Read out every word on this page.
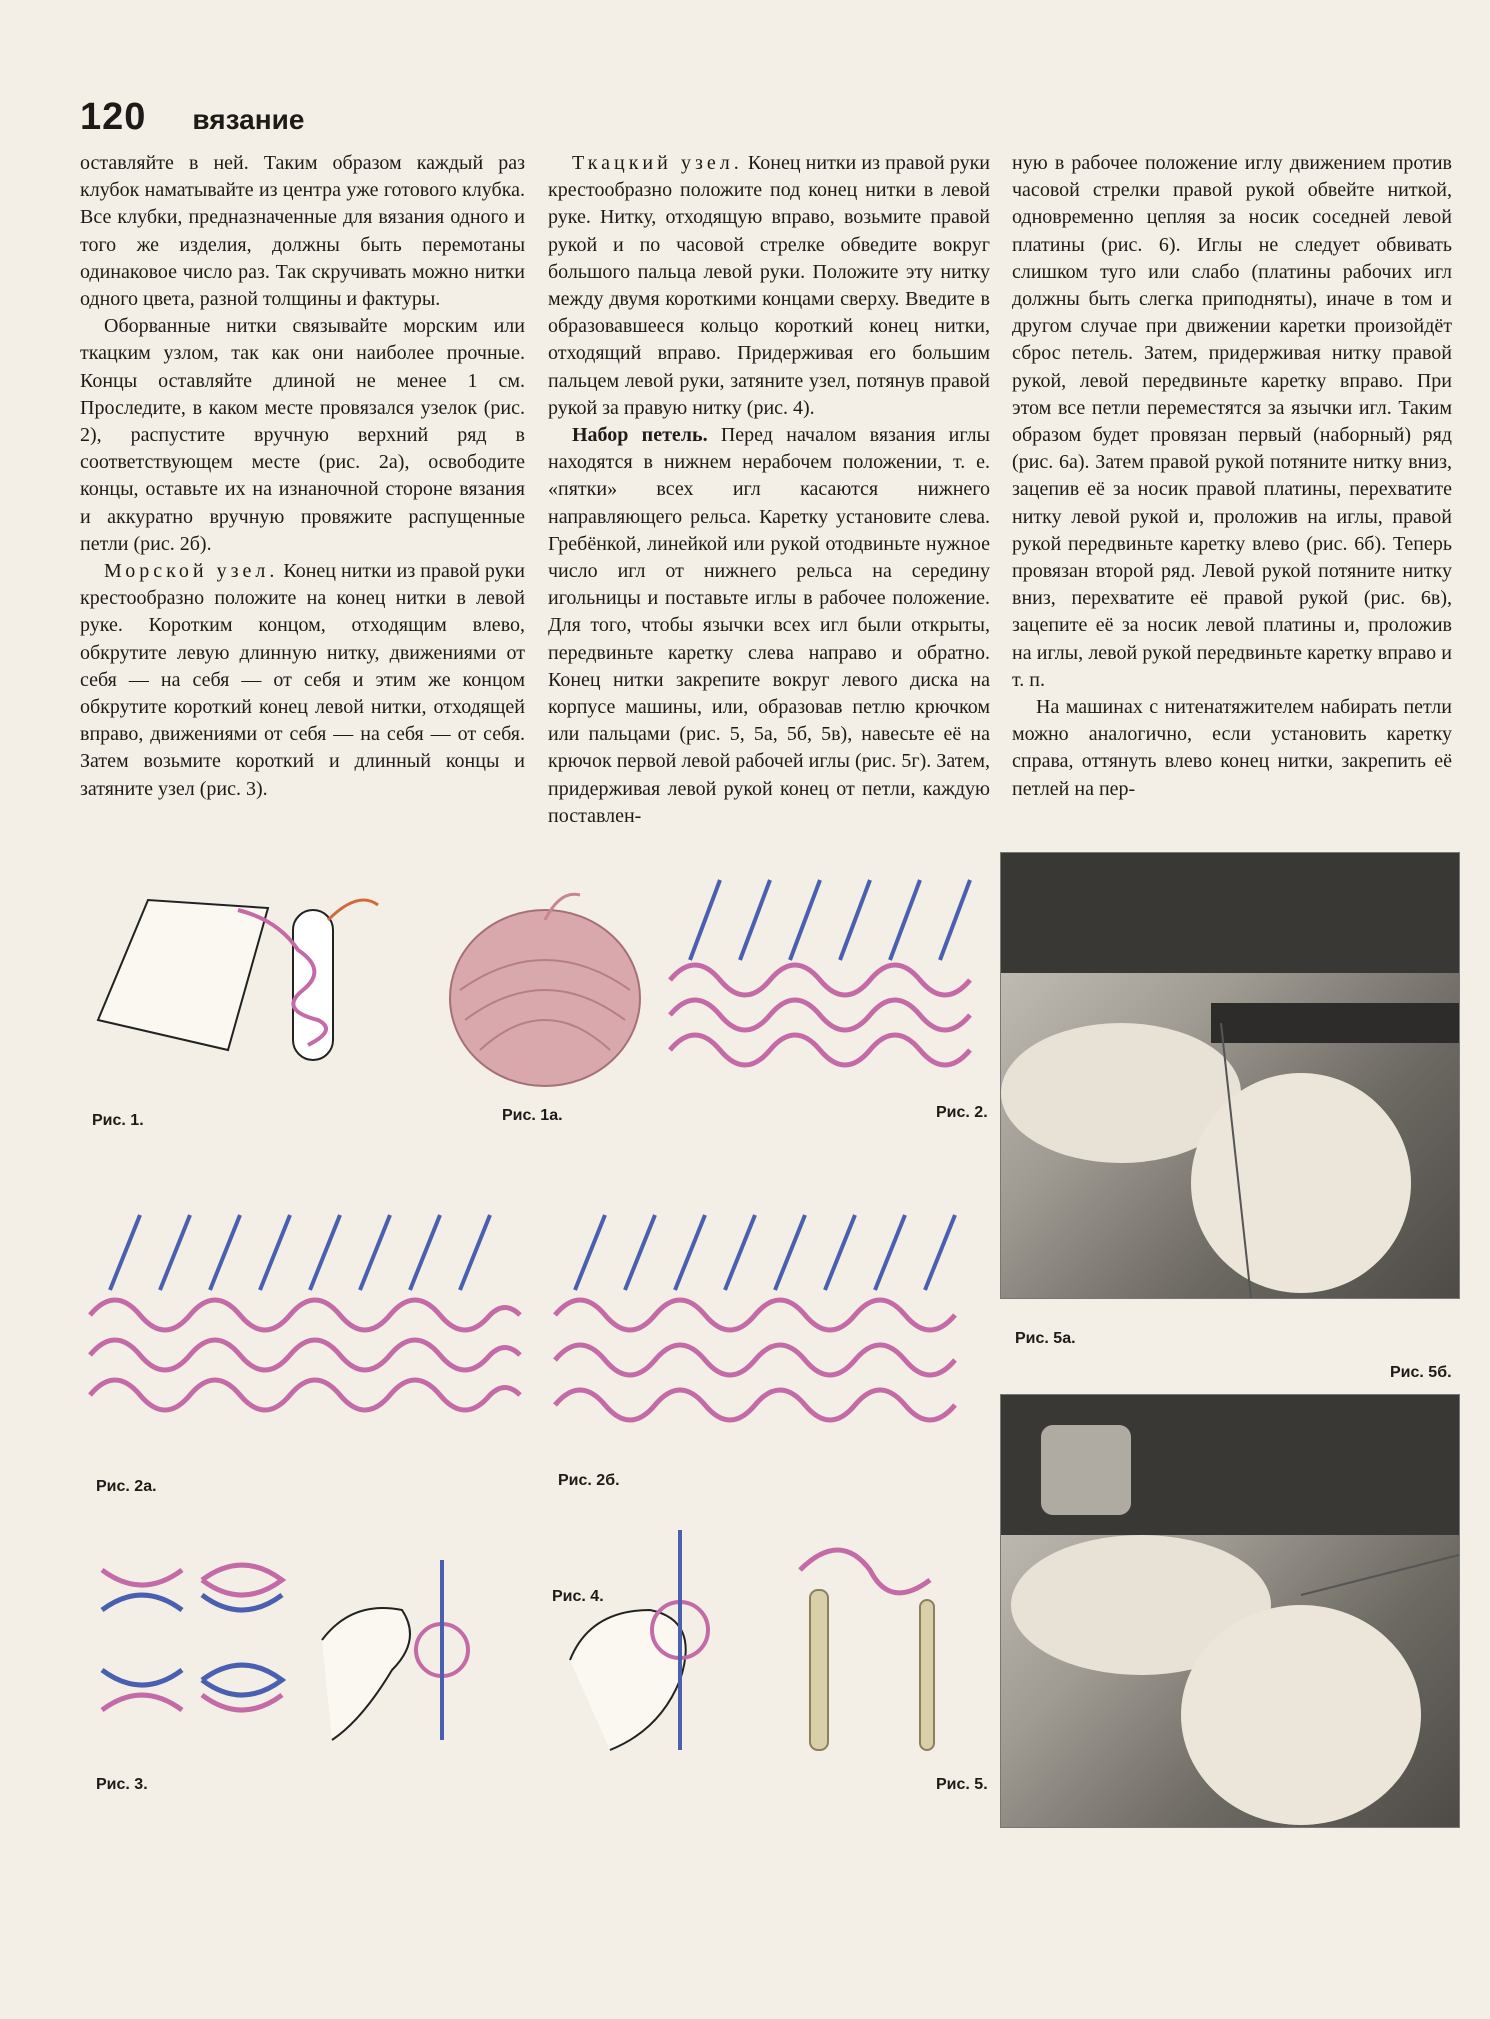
120 вязание

оставляйте в ней. Таким образом каждый раз клубок наматывайте из центра уже готового клубка. Все клубки, предназначенные для вязания одного и того же изделия, должны быть перемотаны одинаковое число раз. Так скручивать можно нитки одного цвета, разной толщины и фактуры.

Оборванные нитки связывайте морским или ткацким узлом, так как они наиболее прочные. Концы оставляйте длиной не менее 1 см. Проследите, в каком месте провязался узелок (рис. 2), распустите вручную верхний ряд в соответствующем месте (рис. 2а), освободите концы, оставьте их на изнаночной стороне вязания и аккуратно вручную провяжите распущенные петли (рис. 2б).

Морской узел. Конец нитки из правой руки крестообразно положите на конец нитки в левой руке. Коротким концом, отходящим влево, обкрутите левую длинную нитку, движениями от себя — на себя — от себя и этим же концом обкрутите короткий конец левой нитки, отходящей вправо, движениями от себя — на себя — от себя. Затем возьмите короткий и длинный концы и затяните узел (рис. 3).

Ткацкий узел. Конец нитки из правой руки крестообразно положите под конец нитки в левой руке. Нитку, отходящую вправо, возьмите правой рукой и по часовой стрелке обведите вокруг большого пальца левой руки. Положите эту нитку между двумя короткими концами сверху. Введите в образовавшееся кольцо короткий конец нитки, отходящий вправо. Придерживая его большим пальцем левой руки, затяните узел, потянув правой рукой за правую нитку (рис. 4).

Набор петель. Перед началом вязания иглы находятся в нижнем нерабочем положении, т. е. «пятки» всех игл касаются нижнего направляющего рельса. Каретку установите слева. Гребёнкой, линейкой или рукой отодвиньте нужное число игл от нижнего рельса на середину игольницы и поставьте иглы в рабочее положение. Для того, чтобы язычки всех игл были открыты, передвиньте каретку слева направо и обратно. Конец нитки закрепите вокруг левого диска на корпусе машины, или, образовав петлю крючком или пальцами (рис. 5, 5а, 5б, 5в), навесьте её на крючок первой левой рабочей иглы (рис. 5г). Затем, придерживая левой рукой конец от петли, каждую поставлен-

ную в рабочее положение иглу движением против часовой стрелки правой рукой обвейте ниткой, одновременно цепляя за носик соседней левой платины (рис. 6). Иглы не следует обвивать слишком туго или слабо (платины рабочих игл должны быть слегка приподняты), иначе в том и другом случае при движении каретки произойдёт сброс петель. Затем, придерживая нитку правой рукой, левой передвиньте каретку вправо. При этом все петли переместятся за язычки игл. Таким образом будет провязан первый (наборный) ряд (рис. 6а). Затем правой рукой потяните нитку вниз, зацепив её за носик правой платины, перехватите нитку левой рукой и, проложив на иглы, правой рукой передвиньте каретку влево (рис. 6б). Теперь провязан второй ряд. Левой рукой потяните нитку вниз, перехватите её правой рукой (рис. 6в), зацепите её за носик левой платины и, проложив на иглы, левой рукой передвиньте каретку вправо и т. п.

На машинах с нитенатяжителем набирать петли можно аналогично, если установить каретку справа, оттянуть влево конец нитки, закрепить её петлей на пер-

Рис. 1.	Рис. 1а.	Рис. 2.
Рис. 2а.	Рис. 2б.
Рис. 3.
Рис. 4.
Рис. 5.
Рис. 5а.
Рис. 5б.
